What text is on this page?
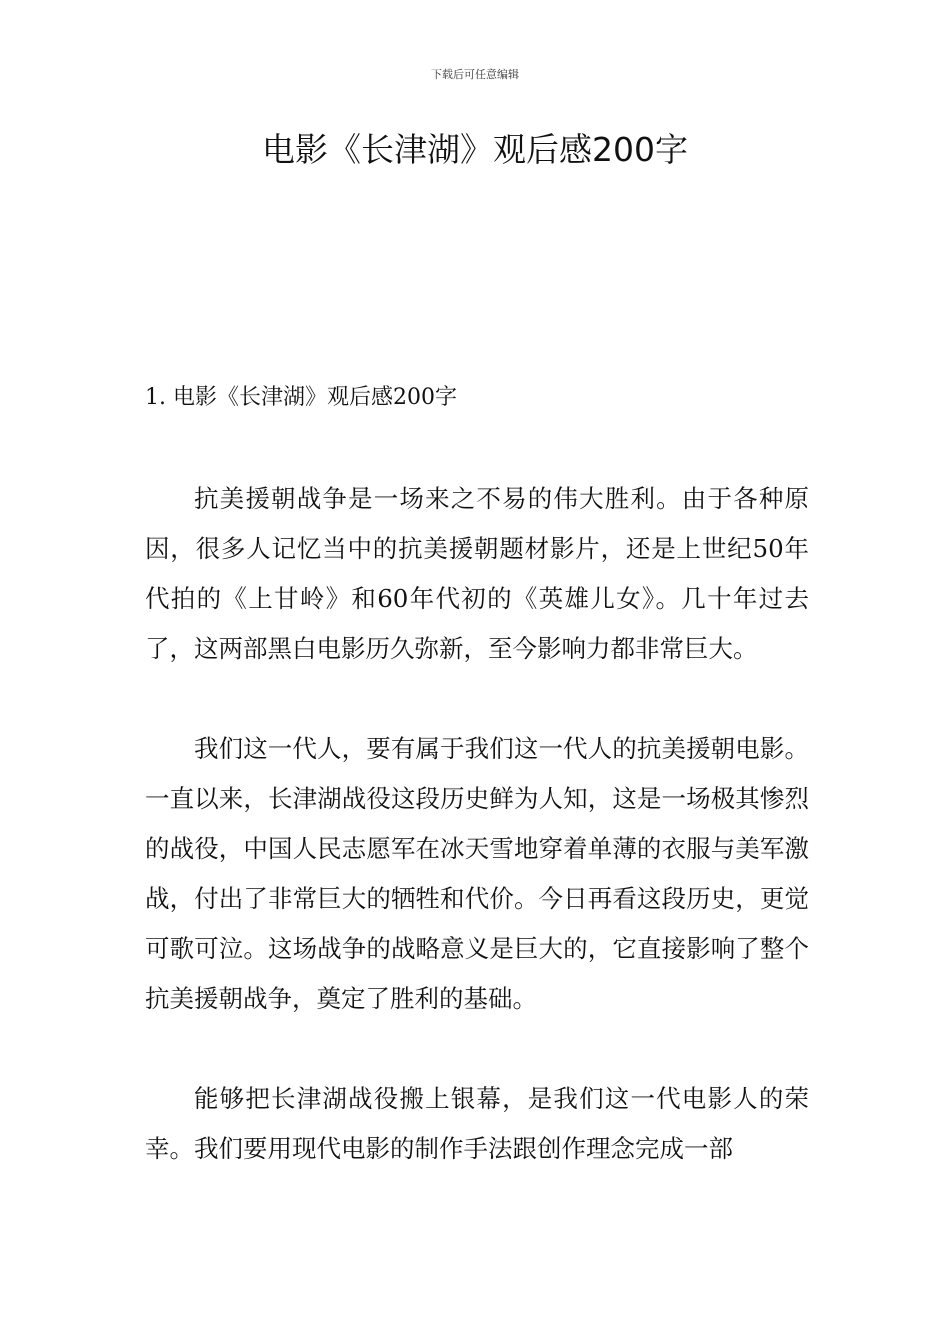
下载后可任意编辑
电影《长津湖》观后感200字
1. 电影《长津湖》观后感200字

抗美援朝战争是一场来之不易的伟大胜利。由于各种原因，很多人记忆当中的抗美援朝题材影片，还是上世纪50年代拍的《上甘岭》和60年代初的《英雄儿女》。几十年过去了，这两部黑白电影历久弥新，至今影响力都非常巨大。

我们这一代人，要有属于我们这一代人的抗美援朝电影。一直以来，长津湖战役这段历史鲜为人知，这是一场极其惨烈的战役，中国人民志愿军在冰天雪地穿着单薄的衣服与美军激战，付出了非常巨大的牺牲和代价。今日再看这段历史，更觉可歌可泣。这场战争的战略意义是巨大的，它直接影响了整个抗美援朝战争，奠定了胜利的基础。

能够把长津湖战役搬上银幕，是我们这一代电影人的荣幸。我们要用现代电影的制作手法跟创作理念完成一部
